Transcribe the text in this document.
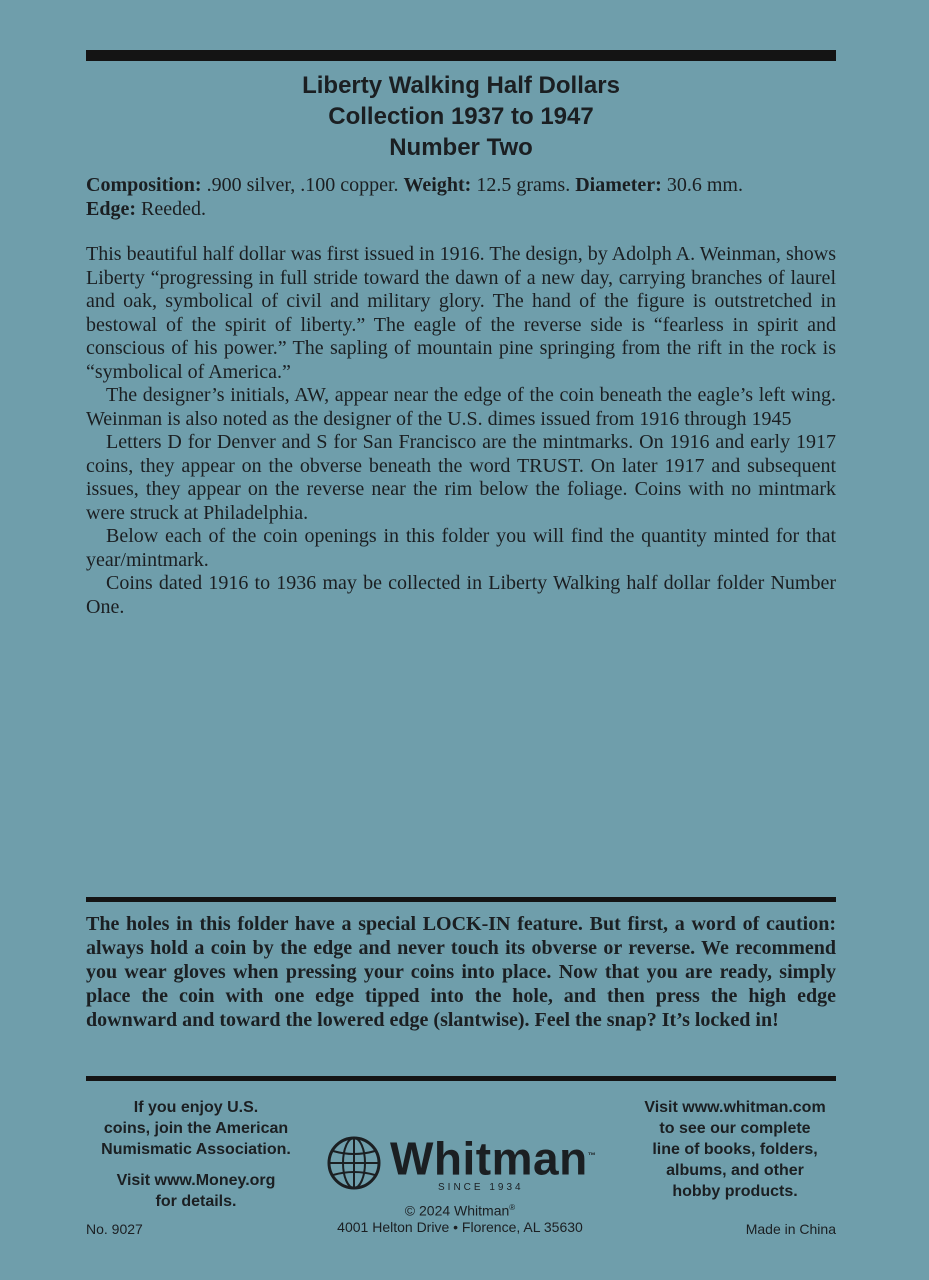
Liberty Walking Half Dollars
Collection 1937 to 1947
Number Two
Composition: .900 silver, .100 copper. Weight: 12.5 grams. Diameter: 30.6 mm.
Edge: Reeded.

This beautiful half dollar was first issued in 1916. The design, by Adolph A. Weinman, shows Liberty “progressing in full stride toward the dawn of a new day, carrying branches of laurel and oak, symbolical of civil and military glory. The hand of the figure is outstretched in bestowal of the spirit of liberty.” The eagle of the reverse side is “fearless in spirit and conscious of his power.” The sapling of mountain pine springing from the rift in the rock is “symbolical of America.”

The designer’s initials, AW, appear near the edge of the coin beneath the eagle’s left wing. Weinman is also noted as the designer of the U.S. dimes issued from 1916 through 1945

Letters D for Denver and S for San Francisco are the mintmarks. On 1916 and early 1917 coins, they appear on the obverse beneath the word TRUST. On later 1917 and subsequent issues, they appear on the reverse near the rim below the foliage. Coins with no mintmark were struck at Philadelphia.

Below each of the coin openings in this folder you will find the quantity minted for that year/mintmark.

Coins dated 1916 to 1936 may be collected in Liberty Walking half dollar folder Number One.

The holes in this folder have a special LOCK-IN feature. But first, a word of caution: always hold a coin by the edge and never touch its obverse or reverse. We recommend you wear gloves when pressing your coins into place. Now that you are ready, simply place the coin with one edge tipped into the hole, and then press the high edge downward and toward the lowered edge (slantwise). Feel the snap? It’s locked in!

If you enjoy U.S.
coins, join the American
Numismatic Association.

Visit www.Money.org
for details.

Whitman™
SINCE 1934
© 2024 Whitman®
4001 Helton Drive • Florence, AL 35630
Visit www.whitman.com
to see our complete
line of books, folders,
albums, and other
hobby products.
No. 9027	Made in China
